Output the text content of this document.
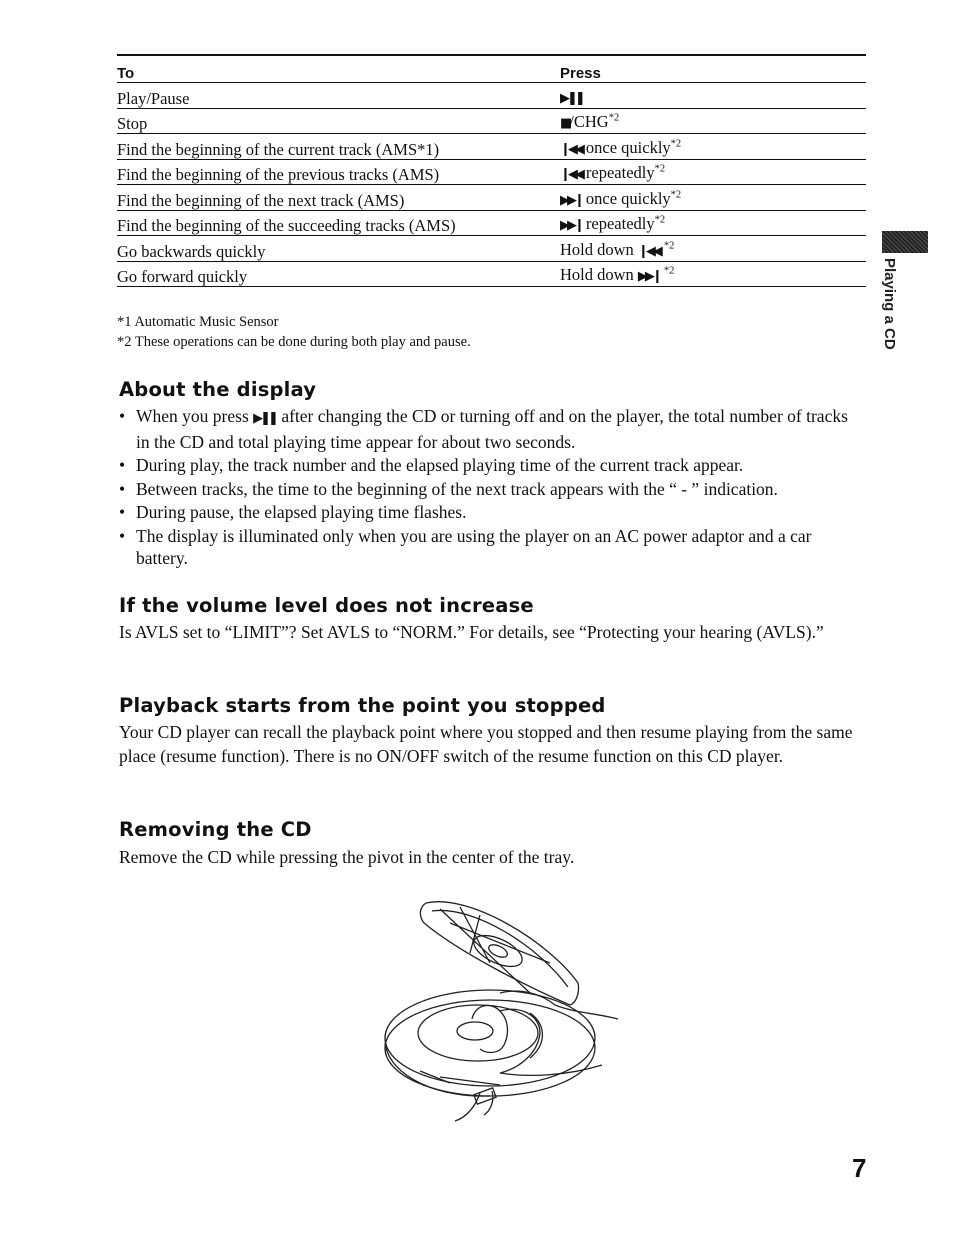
To	Press
Play/Pause	▶❚❚
Stop	■/CHG$^{*2}$
Find the beginning of the current track (AMS*1)	❙◀◀ once quickly$^{*2}$
Find the beginning of the previous tracks (AMS)	❙◀◀ repeatedly$^{*2}$
Find the beginning of the next track (AMS)	▶▶❙ once quickly$^{*2}$
Find the beginning of the succeeding tracks (AMS)	▶▶❙ repeatedly$^{*2}$
Go backwards quickly	Hold down ❙◀◀ $^{*2}$
Go forward quickly	Hold down ▶▶❙ $^{*2}$
*1 Automatic Music Sensor
*2 These operations can be done during both play and pause.	Playing a CD
About the display
• When you press ▶❚❚ after changing the CD or turning off and on the player, the total number of tracks in the CD and total playing time appear for about two seconds.
• During play, the track number and the elapsed playing time of the current track appear.
• Between tracks, the time to the beginning of the next track appears with the “ - ” indication.
• During pause, the elapsed playing time flashes.
• The display is illuminated only when you are using the player on an AC power adaptor and a car battery.
If the volume level does not increase

Is AVLS set to “LIMIT”? Set AVLS to “NORM.” For details, see “Protecting your hearing (AVLS).”

Playback starts from the point you stopped

Your CD player can recall the playback point where you stopped and then resume playing from the same place (resume function). There is no ON/OFF switch of the resume function on this CD player.

Removing the CD

Remove the CD while pressing the pivot in the center of the tray.

7
